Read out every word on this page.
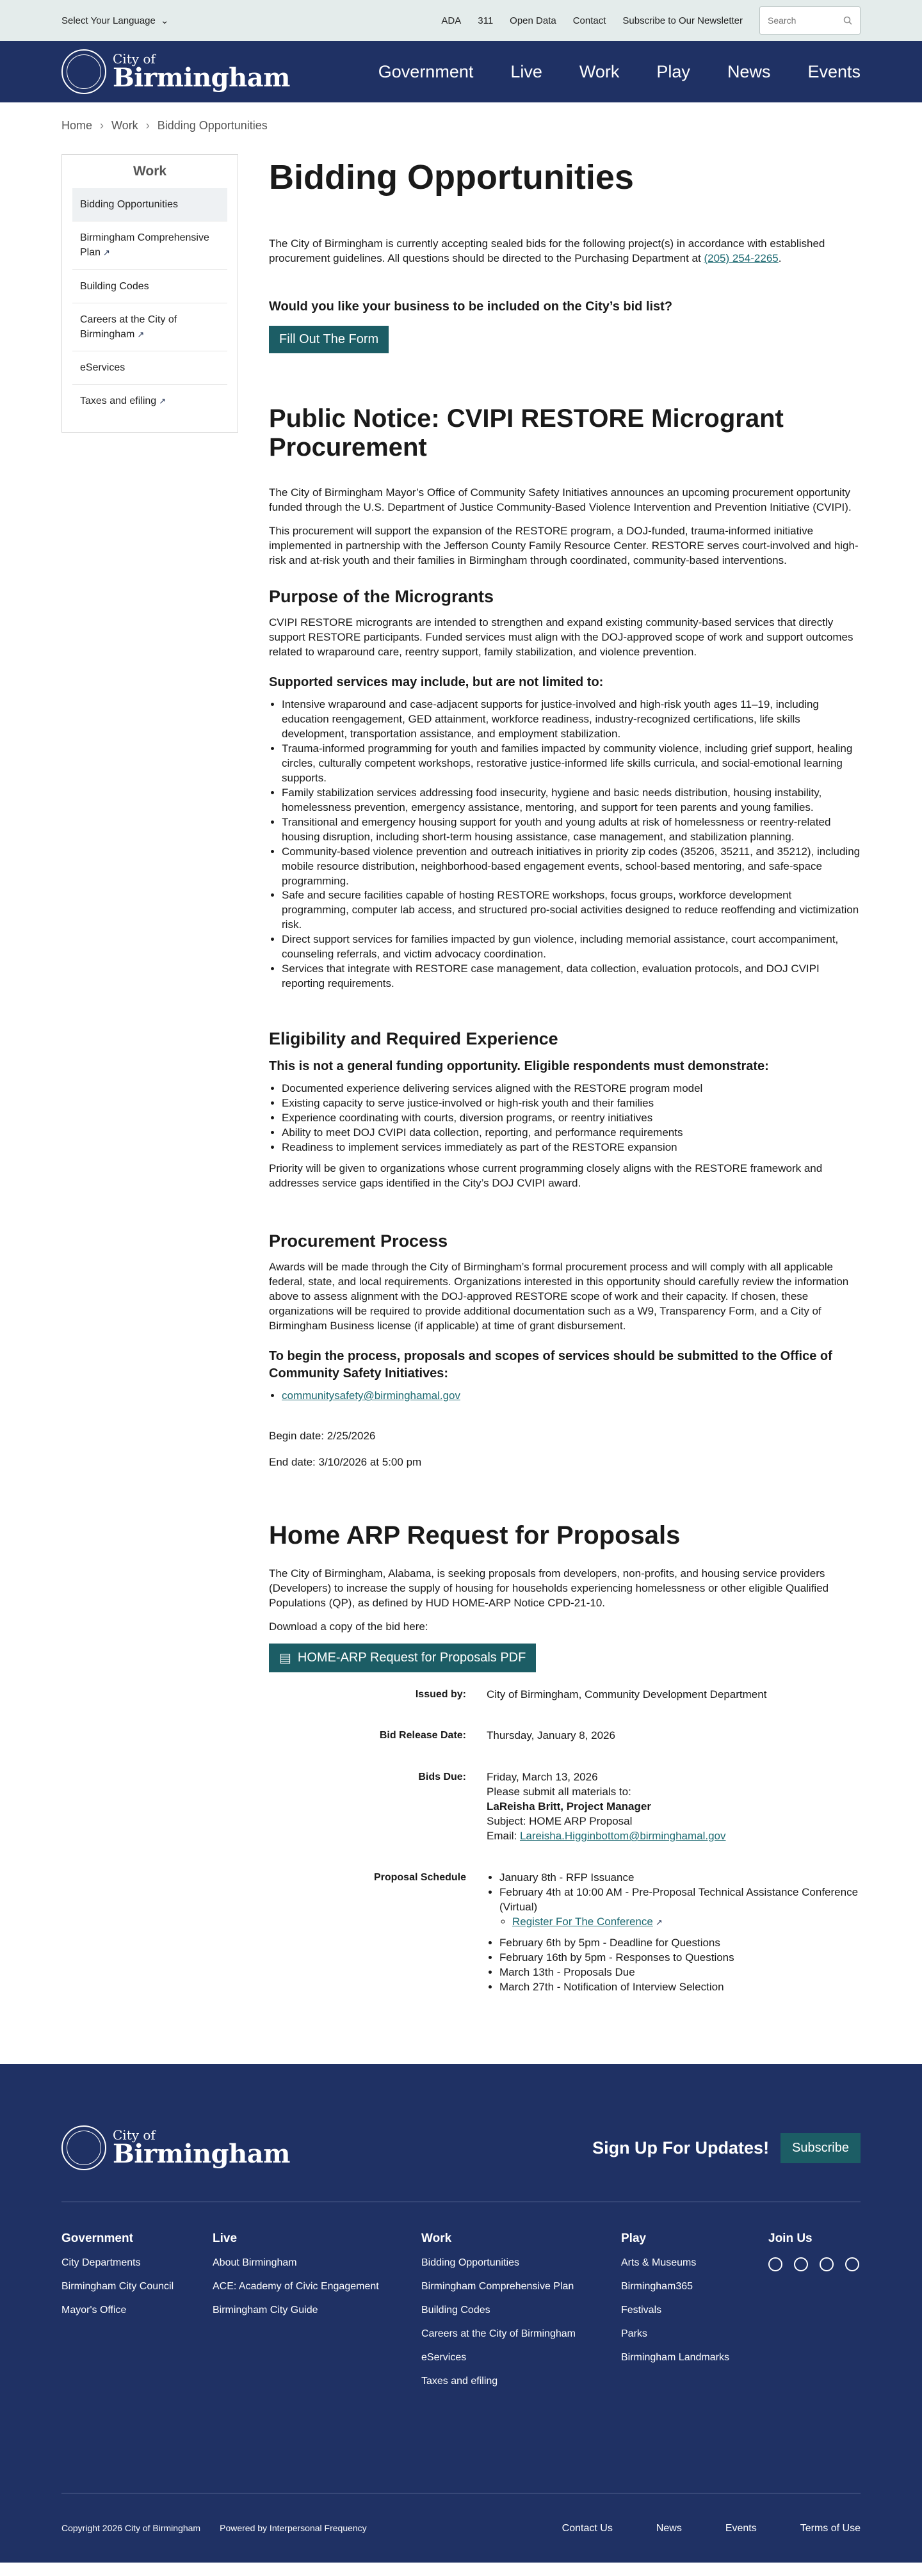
Select Your Language ⌄	ADA 311 Open Data Contact Subscribe to Our Newsletter
Search
City of
Birmingham	Government Live Work Play News Events
Home › Work › Bidding Opportunities
Work
Bidding Opportunities
Birmingham Comprehensive Plan ↗
Building Codes
Careers at the City of Birmingham ↗
eServices
Taxes and efiling ↗
Bidding Opportunities

The City of Birmingham is currently accepting sealed bids for the following project(s) in accordance with established procurement guidelines. All questions should be directed to the Purchasing Department at (205) 254-2265.

Would you like your business to be included on the City’s bid list?
Fill Out The Form
Public Notice: CVIPI RESTORE Microgrant Procurement

The City of Birmingham Mayor’s Office of Community Safety Initiatives announces an upcoming procurement opportunity funded through the U.S. Department of Justice Community-Based Violence Intervention and Prevention Initiative (CVIPI).

This procurement will support the expansion of the RESTORE program, a DOJ-funded, trauma-informed initiative implemented in partnership with the Jefferson County Family Resource Center. RESTORE serves court-involved and high-risk and at-risk youth and their families in Birmingham through coordinated, community-based interventions.

Purpose of the Microgrants

CVIPI RESTORE microgrants are intended to strengthen and expand existing community-based services that directly support RESTORE participants. Funded services must align with the DOJ-approved scope of work and support outcomes related to wraparound care, reentry support, family stabilization, and violence prevention.

Supported services may include, but are not limited to:
• Intensive wraparound and case-adjacent supports for justice-involved and high-risk youth ages 11–19, including education reengagement, GED attainment, workforce readiness, industry-recognized certifications, life skills development, transportation assistance, and employment stabilization.
• Trauma-informed programming for youth and families impacted by community violence, including grief support, healing circles, culturally competent workshops, restorative justice-informed life skills curricula, and social-emotional learning supports.
• Family stabilization services addressing food insecurity, hygiene and basic needs distribution, housing instability, homelessness prevention, emergency assistance, mentoring, and support for teen parents and young families.
• Transitional and emergency housing support for youth and young adults at risk of homelessness or reentry-related housing disruption, including short-term housing assistance, case management, and stabilization planning.
• Community-based violence prevention and outreach initiatives in priority zip codes (35206, 35211, and 35212), including mobile resource distribution, neighborhood-based engagement events, school-based mentoring, and safe-space programming.
• Safe and secure facilities capable of hosting RESTORE workshops, focus groups, workforce development programming, computer lab access, and structured pro-social activities designed to reduce reoffending and victimization risk.
• Direct support services for families impacted by gun violence, including memorial assistance, court accompaniment, counseling referrals, and victim advocacy coordination.
• Services that integrate with RESTORE case management, data collection, evaluation protocols, and DOJ CVIPI reporting requirements.
Eligibility and Required Experience
This is not a general funding opportunity. Eligible respondents must demonstrate:
• Documented experience delivering services aligned with the RESTORE program model
• Existing capacity to serve justice-involved or high-risk youth and their families
• Experience coordinating with courts, diversion programs, or reentry initiatives
• Ability to meet DOJ CVIPI data collection, reporting, and performance requirements
• Readiness to implement services immediately as part of the RESTORE expansion

Priority will be given to organizations whose current programming closely aligns with the RESTORE framework and addresses service gaps identified in the City’s DOJ CVIPI award.

Procurement Process

Awards will be made through the City of Birmingham’s formal procurement process and will comply with all applicable federal, state, and local requirements. Organizations interested in this opportunity should carefully review the information above to assess alignment with the DOJ-approved RESTORE scope of work and their capacity. If chosen, these organizations will be required to provide additional documentation such as a W9, Transparency Form, and a City of Birmingham Business license (if applicable) at time of grant disbursement.

To begin the process, proposals and scopes of services should be submitted to the Office of Community Safety Initiatives:
• communitysafety@birminghamal.gov

Begin date: 2/25/2026

End date: 3/10/2026 at 5:00 pm

Home ARP Request for Proposals

The City of Birmingham, Alabama, is seeking proposals from developers, non-profits, and housing service providers (Developers) to increase the supply of housing for households experiencing homelessness or other eligible Qualified Populations (QP), as defined by HUD HOME-ARP Notice CPD-21-10.

Download a copy of the bid here:

▤ HOME-ARP Request for Proposals PDF
Issued by: City of Birmingham, Community Development Department
Bid Release Date: Thursday, January 8, 2026
Bids Due: Friday, March 13, 2026
Please submit all materials to:
LaReisha Britt, Project Manager
Subject: HOME ARP Proposal
Email: Lareisha.Higginbottom@birminghamal.gov
Proposal Schedule
•	January 8th - RFP Issuance
• February 4th at 10:00 AM - Pre-Proposal Technical Assistance Conference (Virtual)
◦ Register For The Conference ↗
• February 6th by 5pm - Deadline for Questions
• February 16th by 5pm - Responses to Questions
• March 13th - Proposals Due
• March 27th - Notification of Interview Selection
City of
Birmingham	Sign Up For Updates!	Subscribe
Government
City Departments
Birmingham City Council
Mayor's Office
Live
About Birmingham
ACE: Academy of Civic Engagement
Birmingham City Guide
Work
Bidding Opportunities
Birmingham Comprehensive Plan
Building Codes
Careers at the City of Birmingham
eServices
Taxes and efiling
Play
Arts & Museums
Birmingham365
Festivals
Parks
Birmingham Landmarks
Join Us
Copyright 2026 City of Birmingham Powered by Interpersonal Frequency	Contact Us	News	Events	Terms of Use
